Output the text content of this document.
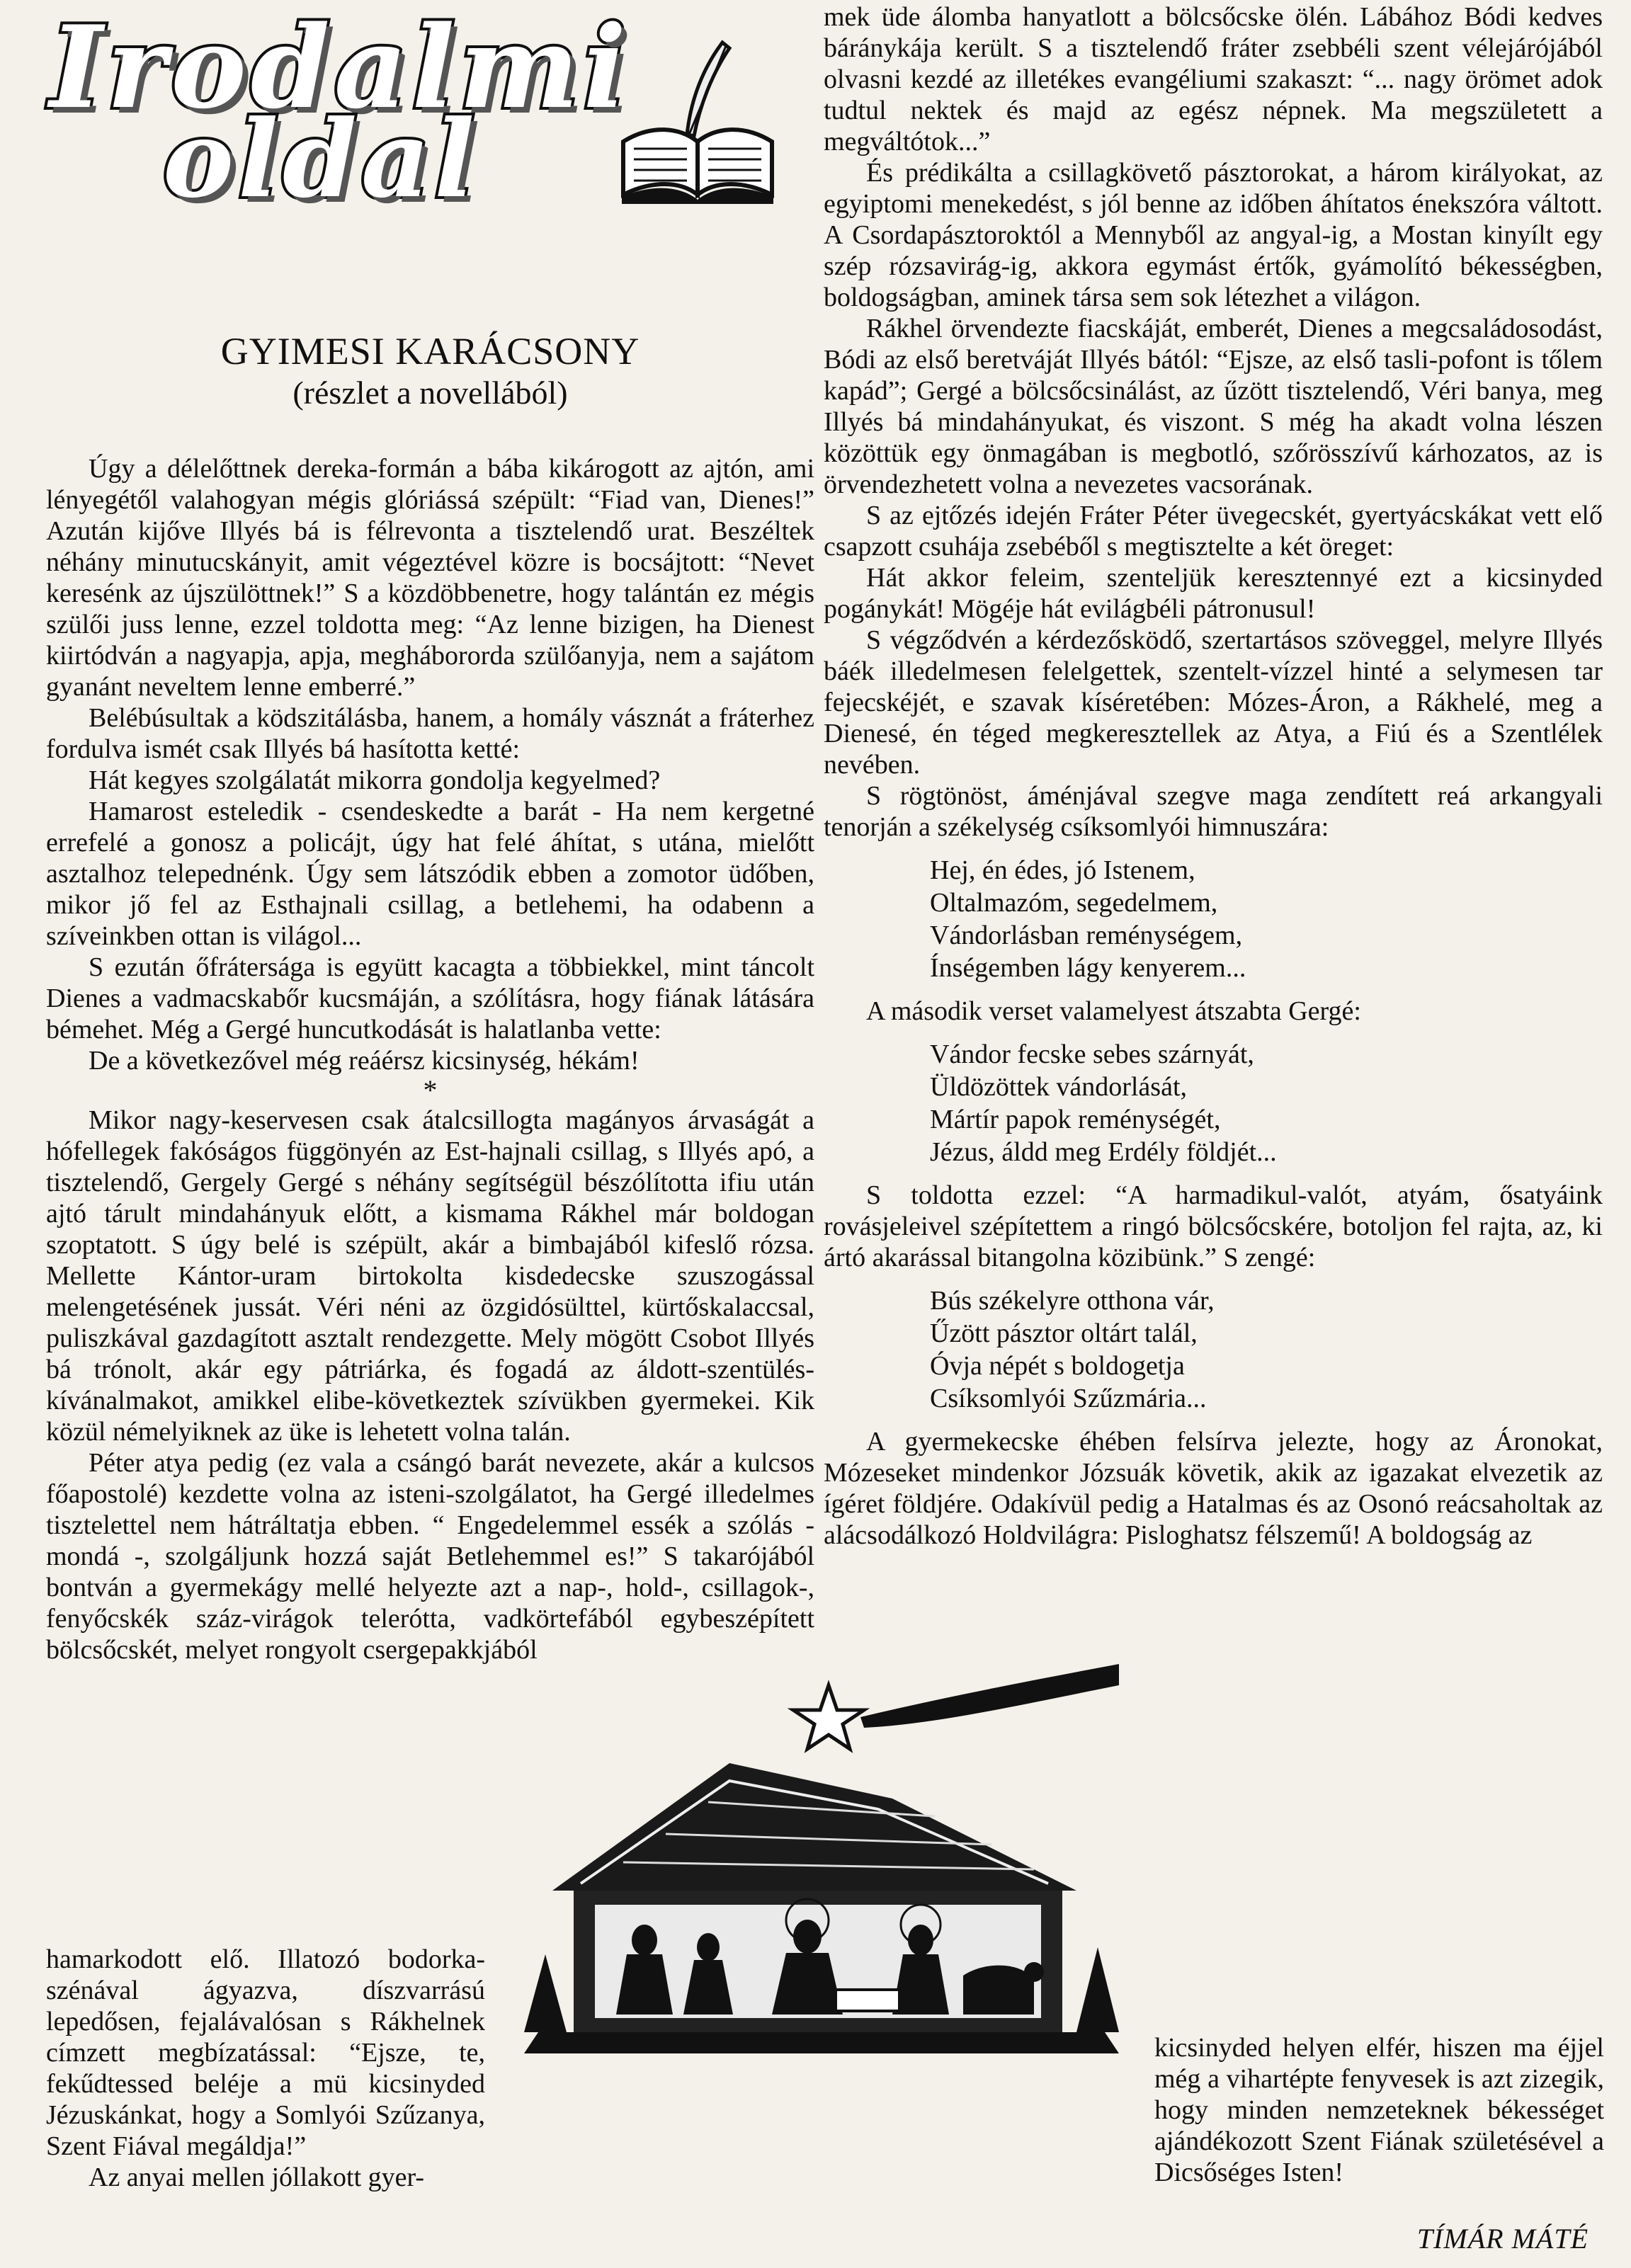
Irodalmi
oldal
GYIMESI KARÁCSONY
(részlet a novellából)

Úgy a délelőttnek dereka-formán a bába kikárogott az ajtón, ami lényegétől valahogyan mégis glóriássá szépült: “Fiad van, Dienes!” Azután kijőve Illyés bá is félrevonta a tisztelendő urat. Beszéltek néhány minutucskányit, amit végeztével közre is bocsájtott: “Nevet keresénk az újszülöttnek!” S a közdöbbenetre, hogy talántán ez mégis szülői juss lenne, ezzel toldotta meg: “Az lenne bizigen, ha Dienest kiirtódván a nagyapja, apja, meghábororda szülőanyja, nem a sajátom gyanánt neveltem lenne emberré.”

Belébúsultak a ködszitálásba, hanem, a homály vásznát a fráterhez fordulva ismét csak Illyés bá hasította ketté:

Hát kegyes szolgálatát mikorra gondolja kegyelmed?

Hamarost esteledik - csendeskedte a barát - Ha nem kergetné errefelé a gonosz a policájt, úgy hat felé áhítat, s utána, mielőtt asztalhoz telepednénk. Úgy sem látszódik ebben a zomotor üdőben, mikor jő fel az Esthajnali csillag, a betlehemi, ha odabenn a szíveinkben ottan is világol...

S ezután őfrátersága is együtt kacagta a többiekkel, mint táncolt Dienes a vadmacskabőr kucsmáján, a szólításra, hogy fiának látására bémehet. Még a Gergé huncutkodását is halatlanba vette:

De a következővel még reáérsz kicsinység, hékám!

*

Mikor nagy-keservesen csak átalcsillogta magányos árvaságát a hófellegek fakóságos függönyén az Est-hajnali csillag, s Illyés apó, a tisztelendő, Gergely Gergé s néhány segítségül bészólította ifiu után ajtó tárult mindahányuk előtt, a kismama Rákhel már boldogan szoptatott. S úgy belé is szépült, akár a bimbajából kifeslő rózsa. Mellette Kántor-uram birtokolta kisdedecske szuszogással melengetésének jussát. Véri néni az özgidósülttel, kürtőskalaccsal, puliszkával gazdagított asztalt rendezgette. Mely mögött Csobot Illyés bá trónolt, akár egy pátriárka, és fogadá az áldott-szentüléskívánalmakot, amikkel elibe-következtek szívükben gyermekei. Kik közül némelyiknek az üke is lehetett volna talán.

Péter atya pedig (ez vala a csángó barát nevezete, akár a kulcsos főapostolé) kezdette volna az isteni-szolgálatot, ha Gergé illedelmes tisztelettel nem hátráltatja ebben. “ Engedelemmel essék a szólás - mondá -, szolgáljunk hozzá saját Betlehemmel es!” S takarójából bontván a gyermekágy mellé helyezte azt a nap-, hold-, csillagok-, fenyőcskék száz-virágok telerótta, vadkörtefából egybeszépített bölcsőcskét, melyet rongyolt csergepakkjából

hamarkodott elő. Illatozó bodorka-szénával ágyazva, díszvarrású lepedősen, fejalávalósan s Rákhelnek címzett megbízatással: “Ejsze, te, fekűdtessed beléje a mü kicsinyded Jézuskánkat, hogy a Somlyói Szűzanya, Szent Fiával megáldja!”

Az anyai mellen jóllakott gyer-

mek üde álomba hanyatlott a bölcsőcske ölén. Lábához Bódi kedves báránykája került. S a tisztelendő fráter zsebbéli szent vélejárójából olvasni kezdé az illetékes evangéliumi szakaszt: “... nagy örömet adok tudtul nektek és majd az egész népnek. Ma megszületett a megváltótok...”

És prédikálta a csillagkövető pásztorokat, a három királyokat, az egyiptomi menekedést, s jól benne az időben áhítatos énekszóra váltott. A Csordapásztoroktól a Mennyből az angyal-ig, a Mostan kinyílt egy szép rózsavirág-ig, akkora egymást értők, gyámolító békességben, boldogságban, aminek társa sem sok létezhet a világon.

Rákhel örvendezte fiacskáját, emberét, Dienes a megcsaládosodást, Bódi az első beretváját Illyés bától: “Ejsze, az első tasli-pofont is tőlem kapád”; Gergé a bölcsőcsinálást, az űzött tisztelendő, Véri banya, meg Illyés bá mindahányukat, és viszont. S még ha akadt volna lészen közöttük egy önmagában is megbotló, szőrösszívű kárhozatos, az is örvendezhetett volna a nevezetes vacsorának.

S az ejtőzés idején Fráter Péter üvegecskét, gyertyácskákat vett elő csapzott csuhája zsebéből s megtisztelte a két öreget:

Hát akkor feleim, szenteljük keresztennyé ezt a kicsinyded pogánykát! Mögéje hát evilágbéli pátronusul!

S végződvén a kérdezősködő, szertartásos szöveggel, melyre Illyés báék illedelmesen felelgettek, szentelt-vízzel hinté a selymesen tar fejecskéjét, e szavak kíséretében: Mózes-Áron, a Rákhelé, meg a Dienesé, én téged megkeresztellek az Atya, a Fiú és a Szentlélek nevében.

S rögtönöst, áménjával szegve maga zendített reá arkangyali tenorján a székelység csíksomlyói himnuszára:

Hej, én édes, jó Istenem,
Oltalmazóm, segedelmem,
Vándorlásban reménységem,
Ínségemben lágy kenyerem...

A második verset valamelyest átszabta Gergé:

Vándor fecske sebes szárnyát,
Üldözöttek vándorlását,
Mártír papok reménységét,
Jézus, áldd meg Erdély földjét...

S toldotta ezzel: “A harmadikul-valót, atyám, ősatyáink rovásjeleivel szépítettem a ringó bölcsőcskére, botoljon fel rajta, az, ki ártó akarással bitangolna közibünk.” S zengé:

Bús székelyre otthona vár,
Űzött pásztor oltárt talál,
Óvja népét s boldogetja
Csíksomlyói Szűzmária...

A gyermekecske éhében felsírva jelezte, hogy az Áronokat, Mózeseket mindenkor Józsuák követik, akik az igazakat elvezetik az ígéret földjére. Odakívül pedig a Hatalmas és az Osonó reácsaholtak az alácsodálkozó Holdvilágra: Pisloghatsz félszemű! A boldogság az

kicsinyded helyen elfér, hiszen ma éjjel még a vihartépte fenyvesek is azt zizegik, hogy minden nemzeteknek békességet ajándékozott Szent Fiának születésével a Dicsőséges Isten!

TÍMÁR MÁTÉ
